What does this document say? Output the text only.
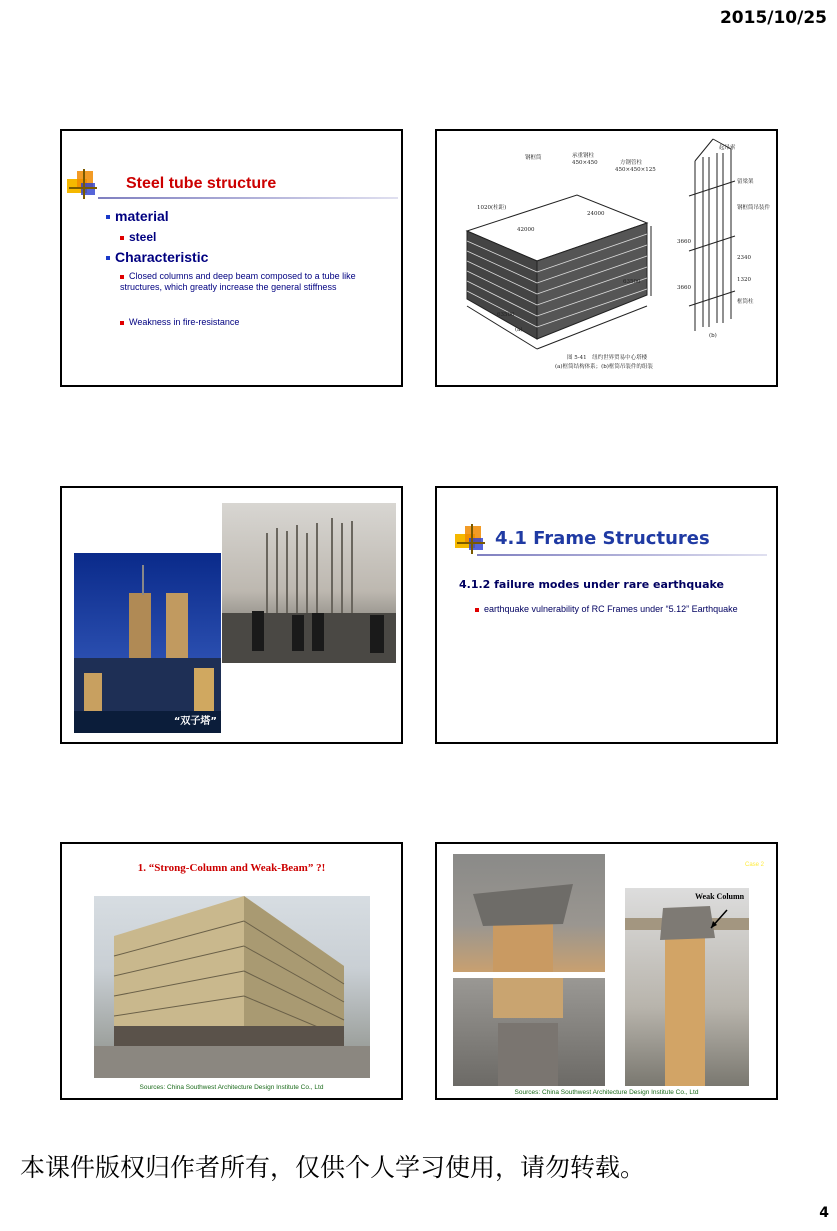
2015/10/25
Steel tube structure
material
steel
Characteristic
Closed columns and deep beam composed to a tube like structures, which greatly increase the general stiffness
Weakness in fire-resistance
钢框筒	承重钢柱
450×450	方钢管柱
450×450×125
1020(柱距)
42000
24000
63500
63500
(a)
起吊索
留梁架
钢框筒吊装件
3660
2340
3660
1320
框筒柱
(b)
图 5-41　纽约世界贸易中心塔楼
(a)框筒结构体系；(b)框筒吊装件的组装
“双子塔”
4.1 Frame Structures
4.1.2 failure modes under rare earthquake
earthquake vulnerability of RC Frames under “5.12” Earthquake
1. “Strong-Column and Weak-Beam” ?!
Sources: China Southwest Architecture Design Institute Co., Ltd
Weak Column
Case 2
Sources: China Southwest Architecture Design Institute Co., Ltd
本课件版权归作者所有，仅供个人学习使用，请勿转载。
4
